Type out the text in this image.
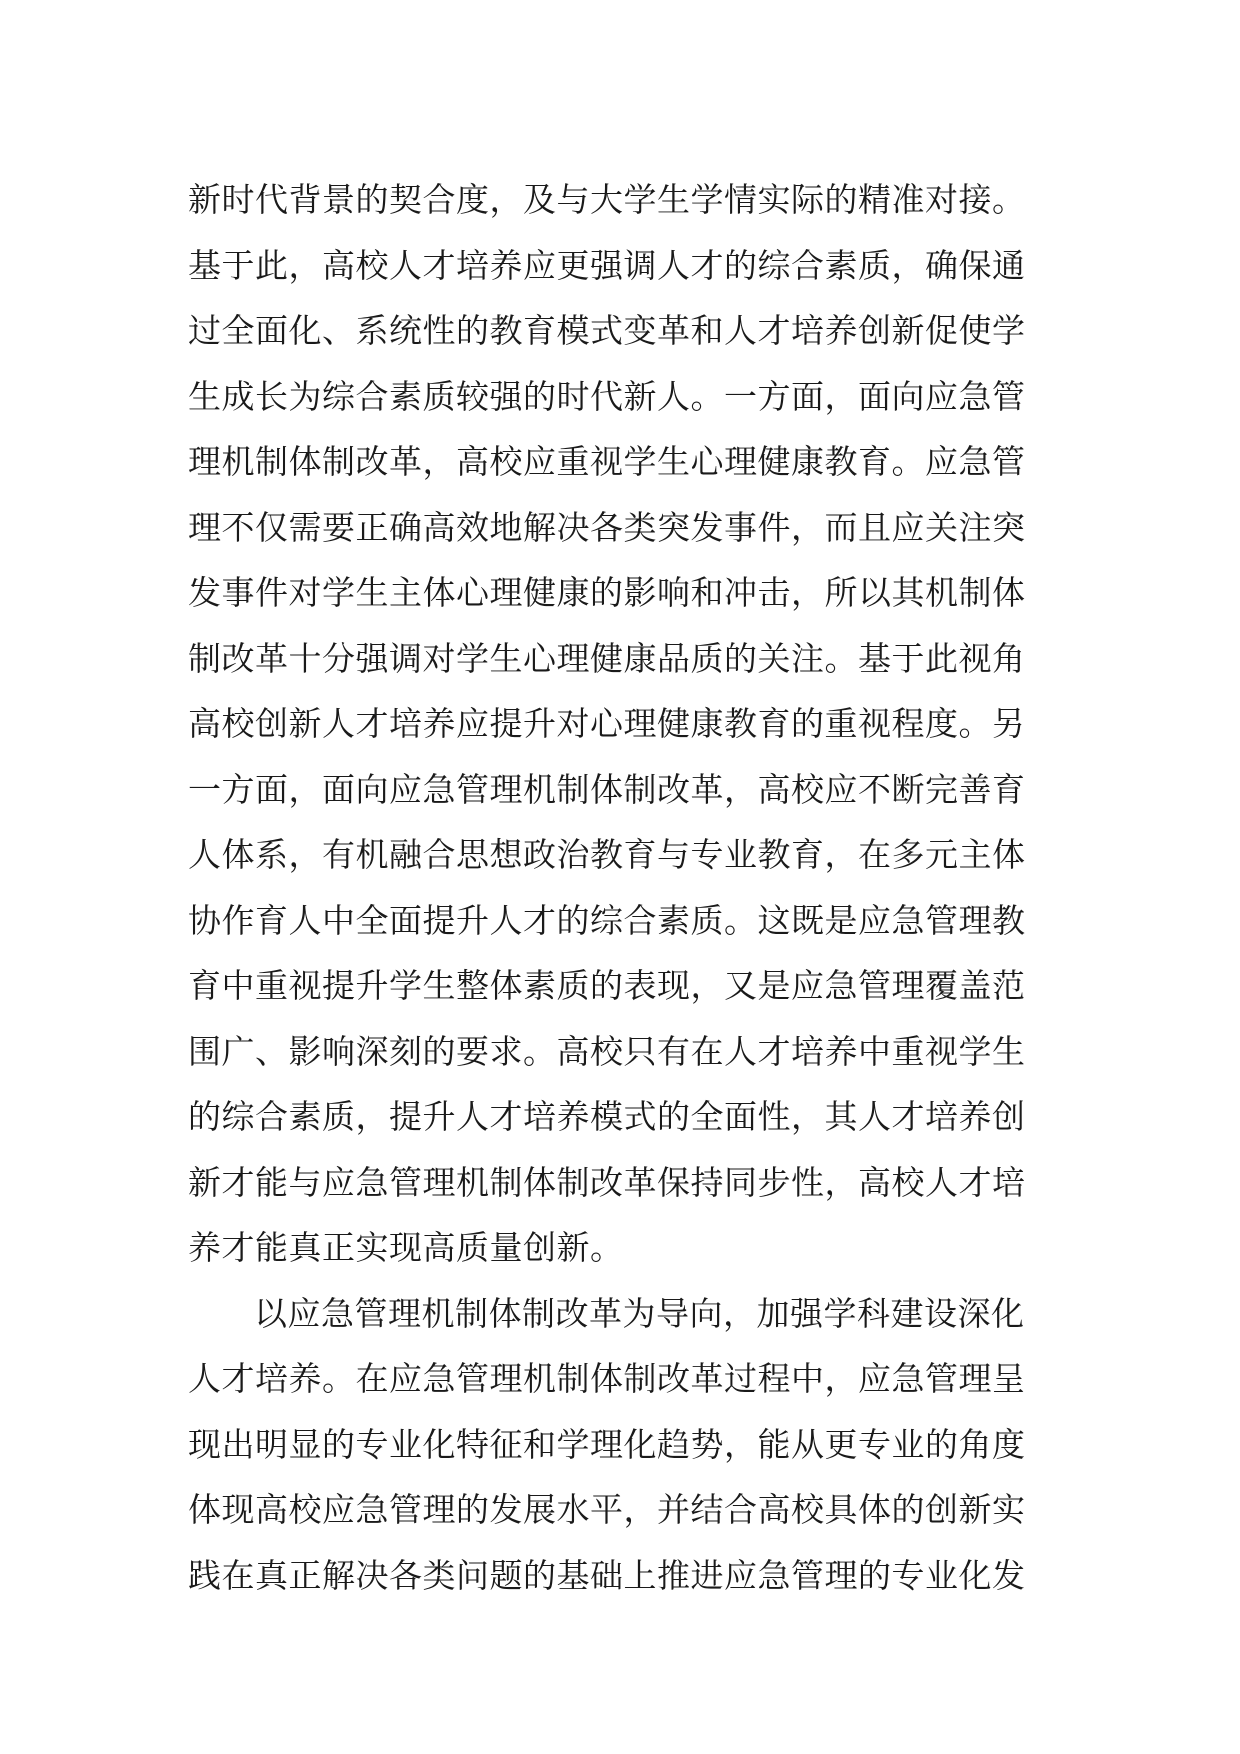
新时代背景的契合度，及与大学生学情实际的精准对接。
基于此，高校人才培养应更强调人才的综合素质，确保通
过全面化、系统性的教育模式变革和人才培养创新促使学
生成长为综合素质较强的时代新人。一方面，面向应急管
理机制体制改革，高校应重视学生心理健康教育。应急管
理不仅需要正确高效地解决各类突发事件，而且应关注突
发事件对学生主体心理健康的影响和冲击，所以其机制体
制改革十分强调对学生心理健康品质的关注。基于此视角
高校创新人才培养应提升对心理健康教育的重视程度。另
一方面，面向应急管理机制体制改革，高校应不断完善育
人体系，有机融合思想政治教育与专业教育，在多元主体
协作育人中全面提升人才的综合素质。这既是应急管理教
育中重视提升学生整体素质的表现，又是应急管理覆盖范
围广、影响深刻的要求。高校只有在人才培养中重视学生
的综合素质，提升人才培养模式的全面性，其人才培养创
新才能与应急管理机制体制改革保持同步性，高校人才培
养才能真正实现高质量创新。
以应急管理机制体制改革为导向，加强学科建设深化
人才培养。在应急管理机制体制改革过程中，应急管理呈
现出明显的专业化特征和学理化趋势，能从更专业的角度
体现高校应急管理的发展水平，并结合高校具体的创新实
践在真正解决各类问题的基础上推进应急管理的专业化发
